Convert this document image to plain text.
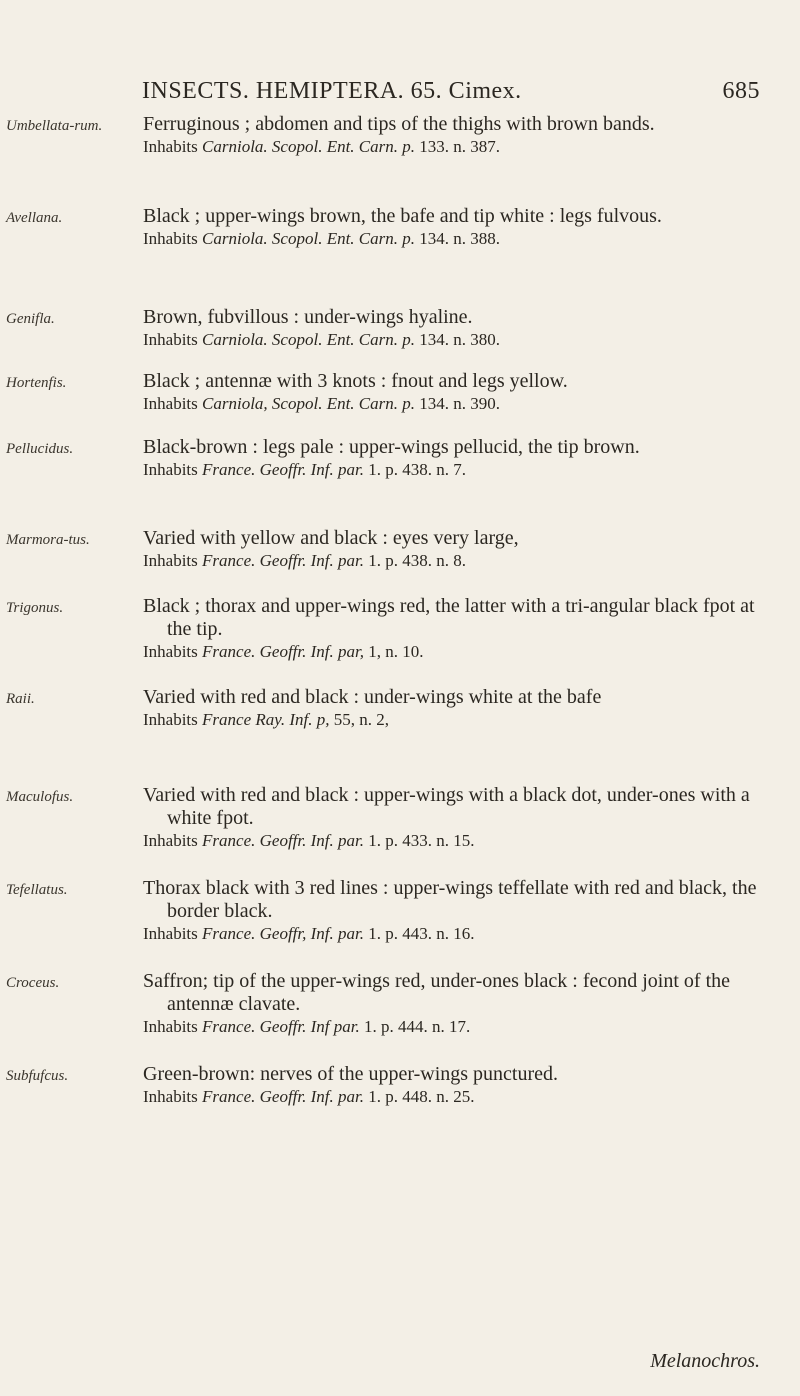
INSECTS. HEMIPTERA. 65. Cimex.	685
Umbellata-rum. Ferruginous ; abdomen and tips of the thighs with brown bands.

Inhabits Carniola. Scopol. Ent. Carn. p. 133. n. 387.

Avellana.	Black ; upper-wings brown, the bafe and tip white : legs fulvous.

Inhabits Carniola. Scopol. Ent. Carn. p. 134. n. 388.

Genifla.	Brown, fubvillous : under-wings hyaline.

Inhabits Carniola. Scopol. Ent. Carn. p. 134. n. 380.

Hortenfis.	Black ; antennæ with 3 knots : fnout and legs yellow.

Inhabits Carniola, Scopol. Ent. Carn. p. 134. n. 390.

Pellucidus.	Black-brown : legs pale : upper-wings pellucid, the tip brown.

Inhabits France. Geoffr. Inf. par. 1. p. 438. n. 7.

Marmora-tus.	Varied with yellow and black : eyes very large,

Inhabits France. Geoffr. Inf. par. 1. p. 438. n. 8.

Trigonus.	Black ; thorax and upper-wings red, the latter with a tri-angular black fpot at the tip.

Inhabits France. Geoffr. Inf. par, 1, n. 10.

Raii.	Varied with red and black : under-wings white at the bafe

Inhabits France Ray. Inf. p, 55, n. 2,

Maculofus.	Varied with red and black : upper-wings with a black dot, under-ones with a white fpot.

Inhabits France. Geoffr. Inf. par. 1. p. 433. n. 15.

Tefellatus.	Thorax black with 3 red lines : upper-wings teffellate with red and black, the border black.

Inhabits France. Geoffr, Inf. par. 1. p. 443. n. 16.

Croceus.	Saffron; tip of the upper-wings red, under-ones black : fecond joint of the antennæ clavate.

Inhabits France. Geoffr. Inf par. 1. p. 444. n. 17.

Subfufcus.	Green-brown: nerves of the upper-wings punctured.

Inhabits France. Geoffr. Inf. par. 1. p. 448. n. 25.

Melanochros.
